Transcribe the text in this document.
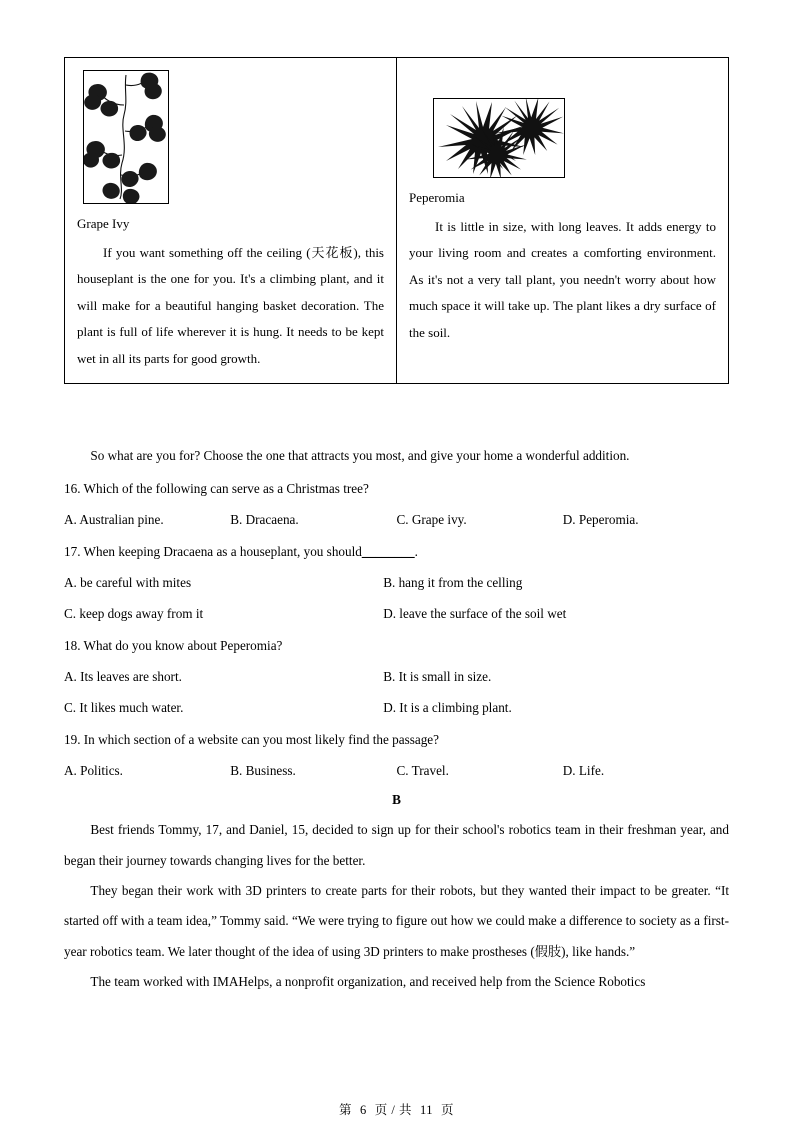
Grape Ivy
If you want something off the ceiling (天花板), this houseplant is the one for you. It's a climbing plant, and it will make for a beautiful hanging basket decoration. The plant is full of life wherever it is hung. It needs to be kept wet in all its parts for good growth.

Peperomia
It is little in size, with long leaves. It adds energy to your living room and creates a comforting environment. As it's not a very tall plant, you needn't worry about how much space it will take up. The plant likes a dry surface of the soil.

So what are you for? Choose the one that attracts you most, and give your home a wonderful addition.

16. Which of the following can serve as a Christmas tree?
A. Australian pine.	B. Dracaena.	C. Grape ivy.	D. Peperomia.
17. When keeping Dracaena as a houseplant, you should________.
A. be careful with mites	B. hang it from the celling
C. keep dogs away from it	D. leave the surface of the soil wet
18. What do you know about Peperomia?
A. Its leaves are short.	B. It is small in size.
C. It likes much water.	D. It is a climbing plant.
19. In which section of a website can you most likely find the passage?
A. Politics.	B. Business.	C. Travel.	D. Life.
B

Best friends Tommy, 17, and Daniel, 15, decided to sign up for their school's robotics team in their freshman year, and began their journey towards changing lives for the better.

They began their work with 3D printers to create parts for their robots, but they wanted their impact to be greater. “It started off with a team idea,” Tommy said. “We were trying to figure out how we could make a difference to society as a first-year robotics team. We later thought of the idea of using 3D printers to make prostheses (假肢), like hands.”

The team worked with IMAHelps, a nonprofit organization, and received help from the Science Robotics

第 6 页 / 共 11 页
